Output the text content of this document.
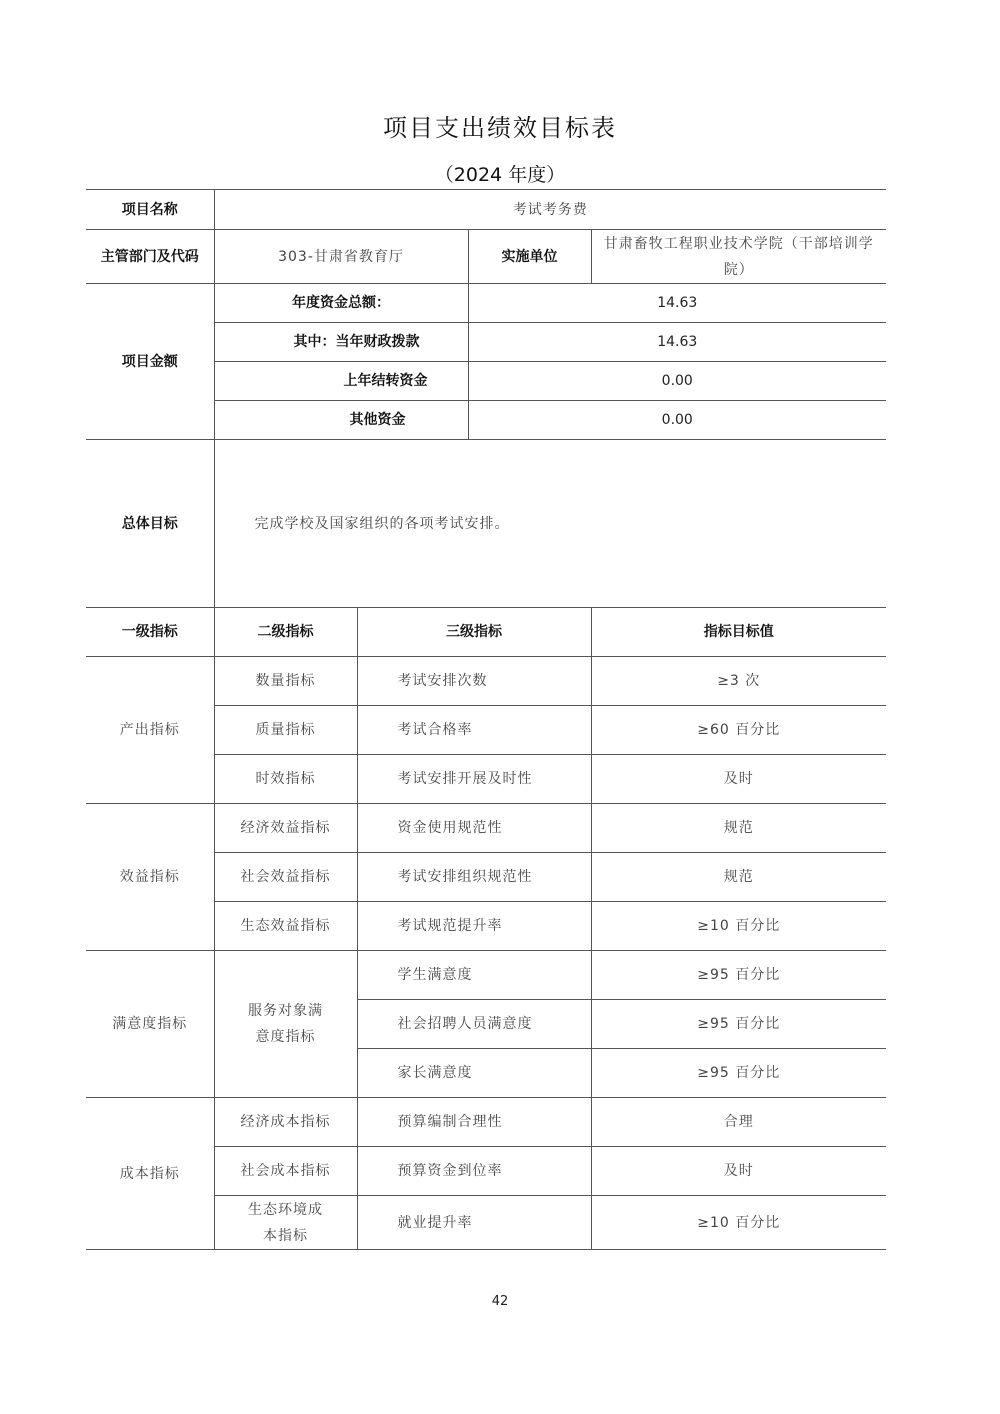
项目支出绩效目标表
（2024 年度）
项目名称	考试考务费			
主管部门及代码	303-甘肃省教育厅		实施单位	甘肃畜牧工程职业技术学院（干部培训学院）
项目金额	年度资金总额：		14.63	
	其中：当年财政拨款		14.63	
	上年结转资金		0.00	
	其他资金		0.00	
总体目标	完成学校及国家组织的各项考试安排。			
一级指标	二级指标	三级指标		指标目标值
产出指标	数量指标	考试安排次数		≥3 次
	质量指标	考试合格率		≥60 百分比
	时效指标	考试安排开展及时性		及时
效益指标	经济效益指标	资金使用规范性		规范
	社会效益指标	考试安排组织规范性		规范
	生态效益指标	考试规范提升率		≥10 百分比
满意度指标	服务对象满意度指标	学生满意度		≥95 百分比
		社会招聘人员满意度		≥95 百分比
		家长满意度		≥95 百分比
成本指标	经济成本指标	预算编制合理性		合理
	社会成本指标	预算资金到位率		及时
	生态环境成本指标	就业提升率		≥10 百分比
42
